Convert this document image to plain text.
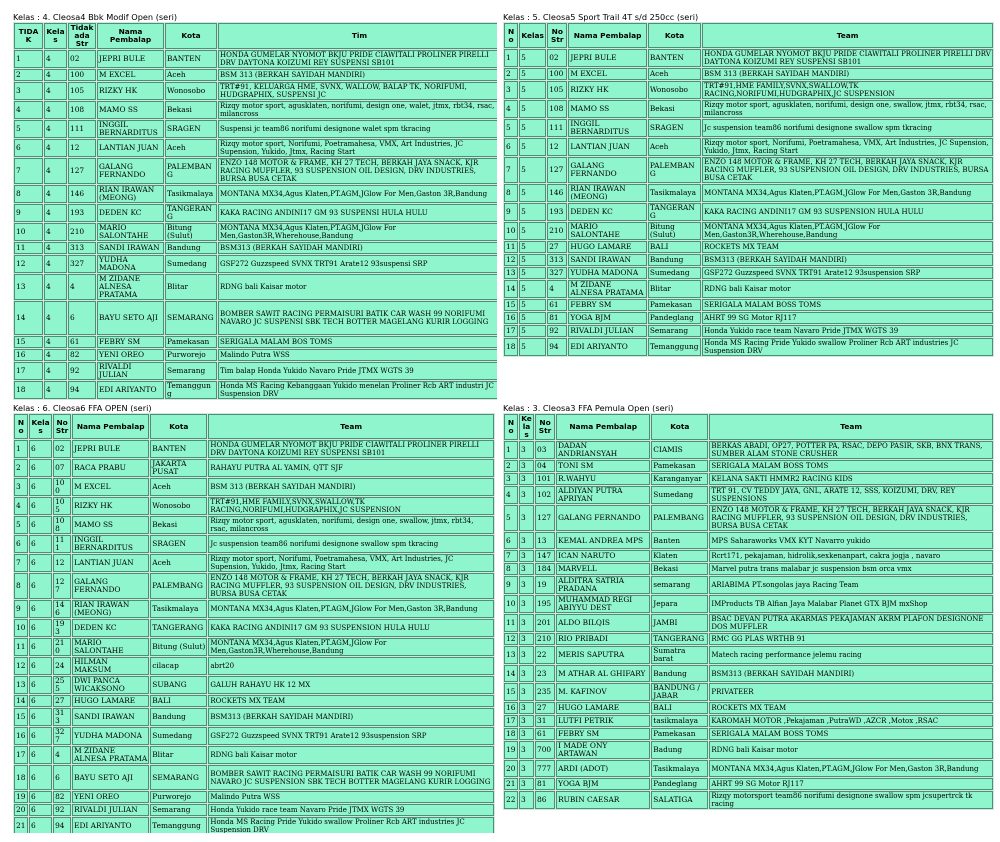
Kelas : 4. Cleosa4 Bbk Modif Open (seri)
TIDAK	Kelas	Tidak ada Str	Nama Pembalap	Kota	Tim
1	4	02	JEPRI BULE	BANTEN	HONDA GUMELAR NYOMOT BKJU PRIDE CIAWITALI PROLINER PIRELLI DRV DAYTONA KOIZUMI REY SUSPENSI SB101
2	4	100	M EXCEL	Aceh	BSM 313 (BERKAH SAYIDAH MANDIRI)
3	4	105	RIZKY HK	Wonosobo	TRT#91, KELUARGA HME, SVNX, WALLOW, BALAP TK, NORIFUMI, HUDGRAPHIX, SUSPENSI JC
4	4	108	MAMO SS	Bekasi	Rizqy motor sport, agusklaten, norifumi, design one, walet, jtmx, rbt34, rsac, milancross
5	4	111	INGGIL BERNARDITUS	SRAGEN	Suspensi jc team86 norifumi designone walet spm tkracing
6	4	12	LANTIAN JUAN	Aceh	Rizqy motor sport, Norifumi, Poetramahesa, VMX, Art Industries, JC Supension, Yukido, Jtmx, Racing Start
7	4	127	GALANG FERNANDO	PALEMBANG	ENZO 148 MOTOR & FRAME, KH 27 TECH, BERKAH JAYA SNACK, KJR RACING MUFFLER, 93 SUSPENSION OIL DESIGN, DRV INDUSTRIES, BURSA BUSA CETAK
8	4	146	RIAN IRAWAN (MEONG)	Tasikmalaya	MONTANA MX34,Agus Klaten,PT.AGM,JGlow For Men,Gaston 3R,Bandung
9	4	193	DEDEN KC	TANGERANG	KAKA RACING ANDINI17 GM 93 SUSPENSI HULA HULU
10	4	210	MARIO SALONTAHE	Bitung (Sulut)	MONTANA MX34,Agus Klaten,PT.AGM,JGlow For Men,Gaston3R,Wherehouse,Bandung
11	4	313	SANDI IRAWAN	Bandung	BSM313 (BERKAH SAYIDAH MANDIRI)
12	4	327	YUDHA MADONA	Sumedang	GSF272 Guzzspeed SVNX TRT91 Arate12 93suspensi SRP
13	4	4	M ZIDANE ALNESA PRATAMA	Blitar	RDNG bali Kaisar motor
14	4	6	BAYU SETO AJI	SEMARANG	BOMBER SAWIT RACING PERMAISURI BATIK CAR WASH 99 NORIFUMI NAVARO JC SUSPENSI SBK TECH BOTTER MAGELANG KURIR LOGGING
15	4	61	FEBRY SM	Pamekasan	SERIGALA MALAM BOS TOMS
16	4	82	YENI OREO	Purworejo	Malindo Putra WSS
17	4	92	RIVALDI JULIAN	Semarang	Tim balap Honda Yukido Navaro Pride JTMX WGTS 39
18	4	94	EDI ARIYANTO	Temanggung	Honda MS Racing Kebanggaan Yukido menelan Proliner Rcb ART industri JC Suspension DRV
Kelas : 5. Cleosa5 Sport Trail 4T s/d 250cc (seri)
No	Kelas	No Str	Nama Pembalap	Kota	Team
1	5	02	JEPRI BULE	BANTEN	HONDA GUMELAR NYOMOT BKJU PRIDE CIAWITALI PROLINER PIRELLI DRV DAYTONA KOIZUMI REY SUSPENSI SB101
2	5	100	M EXCEL	Aceh	BSM 313 (BERKAH SAYIDAH MANDIRI)
3	5	105	RIZKY HK	Wonosobo	TRT#91,HME FAMILY,SVNX,SWALLOW,TK RACING,NORIFUMI,HUDGRAPHIX,JC SUSPENSION
4	5	108	MAMO SS	Bekasi	Rizqy motor sport, agusklaten, norifumi, design one, swallow, jtmx, rbt34, rsac, milancross
5	5	111	INGGIL BERNARDITUS	SRAGEN	Jc suspension team86 norifumi designone swallow spm tkracing
6	5	12	LANTIAN JUAN	Aceh	Rizqy motor sport, Norifumi, Poetramahesa, VMX, Art Industries, JC Supension, Yukido, Jtmx, Racing Start
7	5	127	GALANG FERNANDO	PALEMBANG	ENZO 148 MOTOR & FRAME, KH 27 TECH, BERKAH JAYA SNACK, KJR RACING MUFFLER, 93 SUSPENSION OIL DESIGN, DRV INDUSTRIES, BURSA BUSA CETAK
8	5	146	RIAN IRAWAN (MEONG)	Tasikmalaya	MONTANA MX34,Agus Klaten,PT.AGM,JGlow For Men,Gaston 3R,Bandung
9	5	193	DEDEN KC	TANGERANG	KAKA RACING ANDINI17 GM 93 SUSPENSION HULA HULU
10	5	210	MARIO SALONTAHE	Bitung (Sulut)	MONTANA MX34,Agus Klaten,PT.AGM,JGlow For Men,Gaston3R,Wherehouse,Bandung
11	5	27	HUGO LAMARE	BALI	ROCKETS MX TEAM
12	5	313	SANDI IRAWAN	Bandung	BSM313 (BERKAH SAYIDAH MANDIRI)
13	5	327	YUDHA MADONA	Sumedang	GSF272 Guzzspeed SVNX TRT91 Arate12 93suspension SRP
14	5	4	M ZIDANE ALNESA PRATAMA	Blitar	RDNG bali Kaisar motor
15	5	61	FEBRY SM	Pamekasan	SERIGALA MALAM BOSS TOMS
16	5	81	YOGA BJM	Pandeglang	AHRT 99 SG Motor RJ117
17	5	92	RIVALDI JULIAN	Semarang	Honda Yukido race team Navaro Pride JTMX WGTS 39
18	5	94	EDI ARIYANTO	Temanggung	Honda MS Racing Pride Yukido swallow Proliner Rcb ART industries JC Suspension DRV
Kelas : 6. Cleosa6 FFA OPEN (seri)
No	Kelas	No Str	Nama Pembalap	Kota	Team
1	6	02	JEPRI BULE	BANTEN	HONDA GUMELAR NYOMOT BKJU PRIDE CIAWITALI PROLINER PIRELLI DRV DAYTONA KOIZUMI REY SUSPENSI SB101
2	6	07	RACA PRABU	JAKARTA PUSAT	RAHAYU PUTRA AL YAMIN, QTT SJF
3	6	100	M EXCEL	Aceh	BSM 313 (BERKAH SAYIDAH MANDIRI)
4	6	105	RIZKY HK	Wonosobo	TRT#91,HME FAMILY,SVNX,SWALLOW,TK RACING,NORIFUMI,HUDGRAPHIX,JC SUSPENSION
5	6	108	MAMO SS	Bekasi	Rizqy motor sport, agusklaten, norifumi, design one, swallow, jtmx, rbt34, rsac, milancross
6	6	111	INGGIL BERNARDITUS	SRAGEN	Jc suspension team86 norifumi designone swallow spm tkracing
7	6	12	LANTIAN JUAN	Aceh	Rizqy motor sport, Norifumi, Poetramahesa, VMX, Art Industries, JC Supension, Yukido, Jtmx, Racing Start
8	6	127	GALANG FERNANDO	PALEMBANG	ENZO 148 MOTOR & FRAME, KH 27 TECH, BERKAH JAYA SNACK, KJR RACING MUFFLER, 93 SUSPENSION OIL DESIGN, DRV INDUSTRIES, BURSA BUSA CETAK
9	6	146	RIAN IRAWAN (MEONG)	Tasikmalaya	MONTANA MX34,Agus Klaten,PT.AGM,JGlow For Men,Gaston 3R,Bandung
10	6	193	DEDEN KC	TANGERANG	KAKA RACING ANDINI17 GM 93 SUSPENSION HULA HULU
11	6	210	MARIO SALONTAHE	Bitung (Sulut)	MONTANA MX34,Agus Klaten,PT.AGM,JGlow For Men,Gaston3R,Wherehouse,Bandung
12	6	24	HILMAN MAKSUM	cilacap	abrt20
13	6	255	DWI PANCA WICAKSONO	SUBANG	GALUH RAHAYU HK 12 MX
14	6	27	HUGO LAMARE	BALI	ROCKETS MX TEAM
15	6	313	SANDI IRAWAN	Bandung	BSM313 (BERKAH SAYIDAH MANDIRI)
16	6	327	YUDHA MADONA	Sumedang	GSF272 Guzzspeed SVNX TRT91 Arate12 93suspension SRP
17	6	4	M ZIDANE ALNESA PRATAMA	Blitar	RDNG bali Kaisar motor
18	6	6	BAYU SETO AJI	SEMARANG	BOMBER SAWIT RACING PERMAISURI BATIK CAR WASH 99 NORIFUMI NAVARO JC SUSPENSION SBK TECH BOTTER MAGELANG KURIR LOGGING
19	6	82	YENI OREO	Purworejo	Malindo Putra WSS
20	6	92	RIVALDI JULIAN	Semarang	Honda Yukido race team Navaro Pride JTMX WGTS 39
21	6	94	EDI ARIYANTO	Temanggung	Honda MS Racing Pride Yukido swallow Proliner Rcb ART industries JC Suspension DRV
Kelas : 3. Cleosa3 FFA Pemula Open (seri)
No	Kelas	No Str	Nama Pembalap	Kota	Team
1	3	03	DADAN ANDRIANSYAH	CIAMIS	BERKAS ABADI, OP27, POTTER PA, RSAC, DEPO PASIR, SKB, BNX TRANS, SUMBER ALAM STONE CRUSHER
2	3	04	TONI SM	Pamekasan	SERIGALA MALAM BOSS TOMS
3	3	101	R.WAHYU	Karanganyar	KELANA SAKTI HMMR2 RACING KIDS
4	3	102	ALDIYAN PUTRA APRIYAN	Sumedang	TRT 91, CV TEDDY JAYA, GNL, ARATE 12, SSS, KOIZUMI, DRV, REY SUSPENSIONS
5	3	127	GALANG FERNANDO	PALEMBANG	ENZO 148 MOTOR & FRAME, KH 27 TECH, BERKAH JAYA SNACK, KJR RACING MUFFLER, 93 SUSPENSION OIL DESIGN, DRV INDUSTRIES, BURSA BUSA CETAK
6	3	13	KEMAL ANDREA MPS	Banten	MPS Saharaworks VMX KYT Navarro yukido
7	3	147	ICAN NARUTO	Klaten	Rcrt171, pekajaman, hidrolik,sexkenanpart, cakra jogja , navaro
8	3	184	MARVELL	Bekasi	Marvel putra trans malabar jc suspension bsm orca vmx
9	3	19	ALDITRA SATRIA PRADANA	semarang	ARIABIMA PT.songolas jaya Racing Team
10	3	195	MUHAMMAD REGI ABIYYU DEST	Jepara	IMProducts TB Alfian Jaya Malabar Planet GTX BJM mxShop
11	3	201	ALDO BILQIS	JAMBI	BSAC DEVAN PUTRA AKARMAS PEKAJAMAN AKRM PLAFON DESIGNONE DOS MUFFLER
12	3	210	RIO PRIBADI	TANGERANG	RMC GG PLAS WRTHB 91
13	3	22	MERIS SAPUTRA	Sumatra barat	Matech racing performance jelemu racing
14	3	23	M ATHAR AL GHIFARY	Bandung	BSM313 (BERKAH SAYIDAH MANDIRI)
15	3	235	M. KAFINOV	BANDUNG / JABAR	PRIVATEER
16	3	27	HUGO LAMARE	BALI	ROCKETS MX TEAM
17	3	31	LUTFI PETRIK	tasikmalaya	KAROMAH MOTOR ,Pekajaman ,PutraWD ,AZCR ,Motox ,RSAC
18	3	61	FEBRY SM	Pamekasan	SERIGALA MALAM BOSS TOMS
19	3	700	I MADE ONY ARTAWAN	Badung	RDNG bali Kaisar motor
20	3	777	ARDI (ADOT)	Tasikmalaya	MONTANA MX34,Agus Klaten,PT.AGM,JGlow For Men,Gaston 3R,Bandung
21	3	81	YOGA BJM	Pandeglang	AHRT 99 SG Motor RJ117
22	3	86	RUBIN CAESAR	SALATIGA	Rizqy motorsport team86 norifumi designone swallow spm jcsupertrck tk racing
